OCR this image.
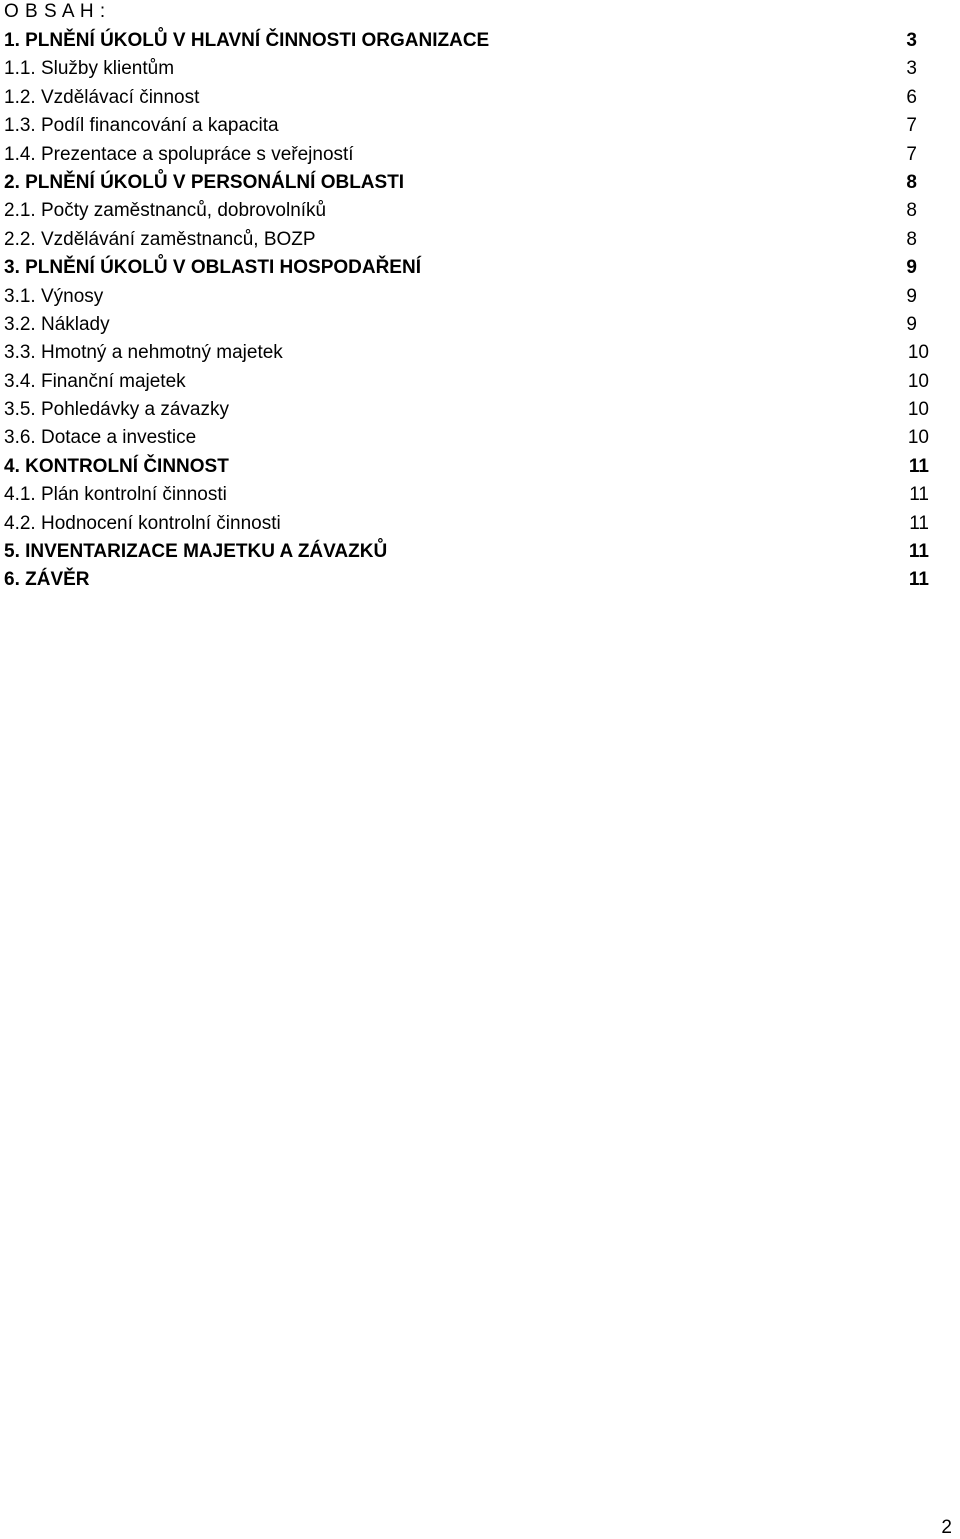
O B S A H :
1. PLNĚNÍ ÚKOLŮ V HLAVNÍ ČINNOSTI ORGANIZACE	3
1.1. Služby klientům	3
1.2. Vzdělávací činnost	6
1.3. Podíl financování a kapacita	7
1.4. Prezentace a spolupráce s veřejností	7
2. PLNĚNÍ ÚKOLŮ V PERSONÁLNÍ OBLASTI	8
2.1. Počty zaměstnanců, dobrovolníků	8
2.2. Vzdělávání zaměstnanců, BOZP	8
3. PLNĚNÍ ÚKOLŮ V OBLASTI HOSPODAŘENÍ	9
3.1. Výnosy	9
3.2. Náklady	9
3.3. Hmotný a nehmotný majetek	10
3.4. Finanční majetek	10
3.5. Pohledávky a závazky	10
3.6. Dotace a investice	10
4. KONTROLNÍ ČINNOST	11
4.1. Plán kontrolní činnosti	11
4.2. Hodnocení kontrolní činnosti	11
5. INVENTARIZACE MAJETKU A ZÁVAZKŮ	11
6. ZÁVĚR	11
2
